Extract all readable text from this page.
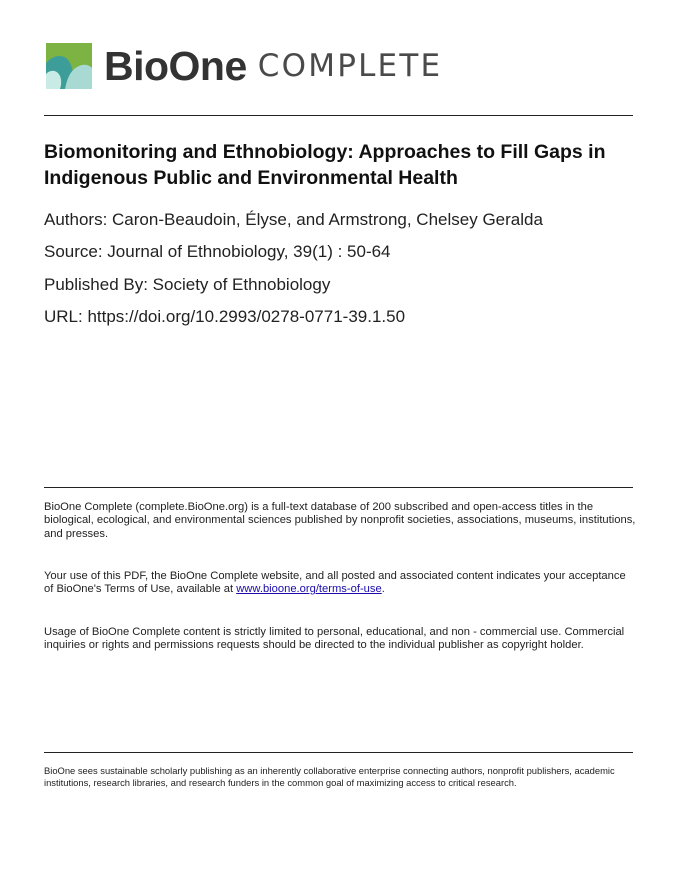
BioOne COMPLETE
Biomonitoring and Ethnobiology: Approaches to Fill Gaps in Indigenous Public and Environmental Health
Authors: Caron-Beaudoin, Élyse, and Armstrong, Chelsey Geralda
Source: Journal of Ethnobiology, 39(1) : 50-64
Published By: Society of Ethnobiology
URL: https://doi.org/10.2993/0278-0771-39.1.50

BioOne Complete (complete.BioOne.org) is a full-text database of 200 subscribed and open-access titles in the biological, ecological, and environmental sciences published by nonprofit societies, associations, museums, institutions, and presses.

Your use of this PDF, the BioOne Complete website, and all posted and associated content indicates your acceptance of BioOne's Terms of Use, available at www.bioone.org/terms-of-use.

Usage of BioOne Complete content is strictly limited to personal, educational, and non - commercial use. Commercial inquiries or rights and permissions requests should be directed to the individual publisher as copyright holder.

BioOne sees sustainable scholarly publishing as an inherently collaborative enterprise connecting authors, nonprofit publishers, academic institutions, research libraries, and research funders in the common goal of maximizing access to critical research.
